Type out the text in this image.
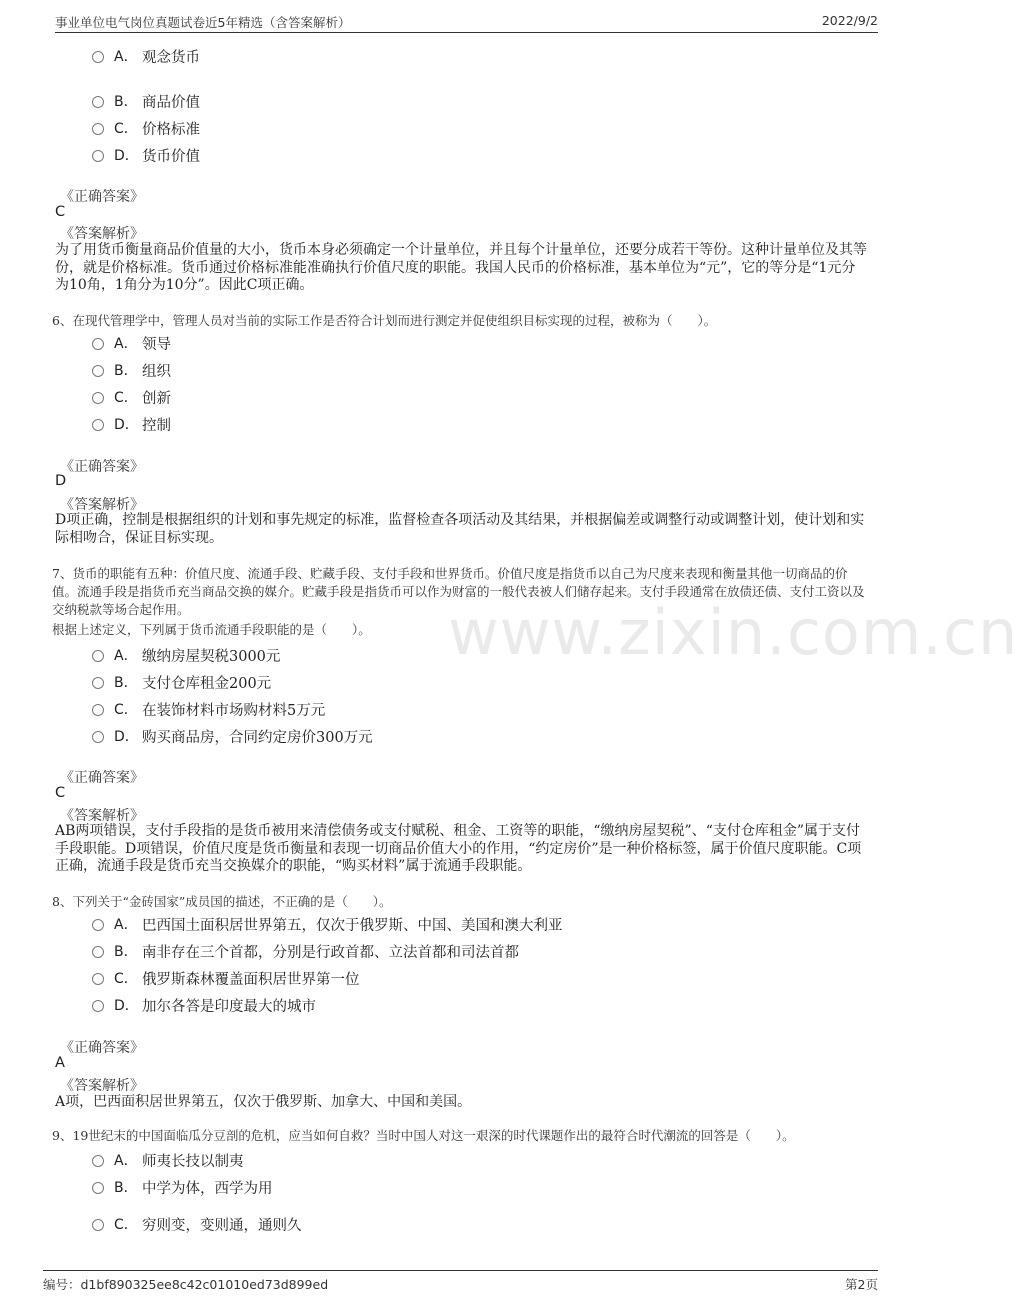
事业单位电气岗位真题试卷近5年精选（含答案解析）	2022/9/2
www.zixin.com.cn
A． 观念货币
B． 商品价值
C． 价格标准
D． 货币价值
《正确答案》
C
《答案解析》
为了用货币衡量商品价值量的大小，货币本身必须确定一个计量单位，并且每个计量单位，还要分成若干等份。这种计量单位及其等份，就是价格标准。货币通过价格标准能准确执行价值尺度的职能。我国人民币的价格标准，基本单位为“元”，它的等分是“1元分为10角，1角分为10分”。因此C项正确。
6、在现代管理学中，管理人员对当前的实际工作是否符合计划而进行测定并促使组织目标实现的过程，被称为（　　）。
A． 领导
B． 组织
C． 创新
D． 控制
《正确答案》
D
《答案解析》
D项正确，控制是根据组织的计划和事先规定的标准，监督检查各项活动及其结果，并根据偏差或调整行动或调整计划，使计划和实际相吻合，保证目标实现。
7、货币的职能有五种：价值尺度、流通手段、贮藏手段、支付手段和世界货币。价值尺度是指货币以自己为尺度来表现和衡量其他一切商品的价值。流通手段是指货币充当商品交换的媒介。贮藏手段是指货币可以作为财富的一般代表被人们储存起来。支付手段通常在放债还债、支付工资以及交纳税款等场合起作用。
根据上述定义，下列属于货币流通手段职能的是（　　）。
A． 缴纳房屋契税3000元
B． 支付仓库租金200元
C． 在装饰材料市场购材料5万元
D． 购买商品房，合同约定房价300万元
《正确答案》
C
《答案解析》
AB两项错误，支付手段指的是货币被用来清偿债务或支付赋税、租金、工资等的职能，“缴纳房屋契税”、“支付仓库租金”属于支付手段职能。D项错误，价值尺度是货币衡量和表现一切商品价值大小的作用，“约定房价”是一种价格标签，属于价值尺度职能。C项正确，流通手段是货币充当交换媒介的职能，“购买材料”属于流通手段职能。
8、下列关于“金砖国家”成员国的描述，不正确的是（　　）。
A． 巴西国土面积居世界第五，仅次于俄罗斯、中国、美国和澳大利亚
B． 南非存在三个首都，分别是行政首都、立法首都和司法首都
C． 俄罗斯森林覆盖面积居世界第一位
D． 加尔各答是印度最大的城市
《正确答案》
A
《答案解析》
A项，巴西面积居世界第五，仅次于俄罗斯、加拿大、中国和美国。
9、19世纪末的中国面临瓜分豆剖的危机，应当如何自救？当时中国人对这一艰深的时代课题作出的最符合时代潮流的回答是（　　）。
A． 师夷长技以制夷
B． 中学为体，西学为用
C． 穷则变，变则通，通则久
编号：d1bf890325ee8c42c01010ed73d899ed	第2页
